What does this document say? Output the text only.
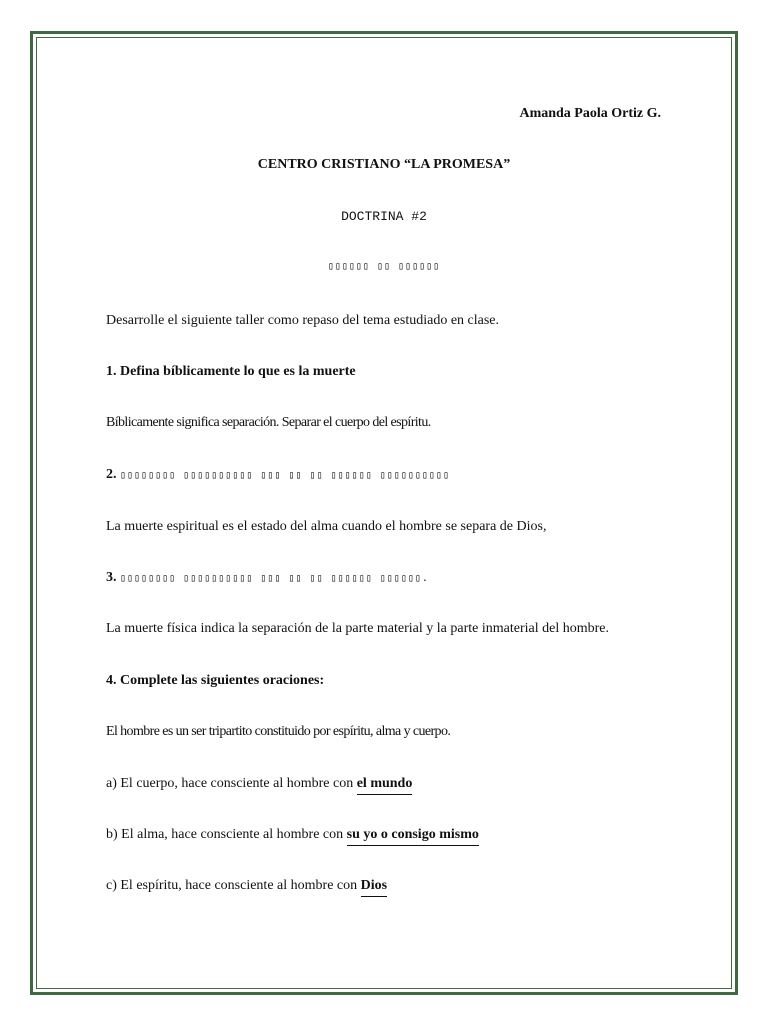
Amanda Paola Ortiz G.
CENTRO CRISTIANO “LA PROMESA”
DOCTRINA #2
▯▯▯▯▯▯ ▯▯ ▯▯▯▯▯▯
Desarrolle el siguiente taller como repaso del tema estudiado en clase.
1. Defina bíblicamente lo que es la muerte
Bíblicamente significa separación. Separar el cuerpo del espíritu.
2. ▯▯▯▯▯▯▯▯ ▯▯▯▯▯▯▯▯▯▯ ▯▯▯ ▯▯ ▯▯ ▯▯▯▯▯▯ ▯▯▯▯▯▯▯▯▯▯
La muerte espiritual es el estado del alma cuando el hombre se separa de Dios,
3. ▯▯▯▯▯▯▯▯ ▯▯▯▯▯▯▯▯▯▯ ▯▯▯ ▯▯ ▯▯ ▯▯▯▯▯▯ ▯▯▯▯▯▯.
La muerte física indica la separación de la parte material y la parte inmaterial del hombre.
4. Complete las siguientes oraciones:
El hombre es un ser tripartito constituido por espíritu, alma y cuerpo.
a) El cuerpo, hace consciente al hombre con el mundo
b) El alma, hace consciente al hombre con su yo o consigo mismo
c) El espíritu, hace consciente al hombre con Dios
